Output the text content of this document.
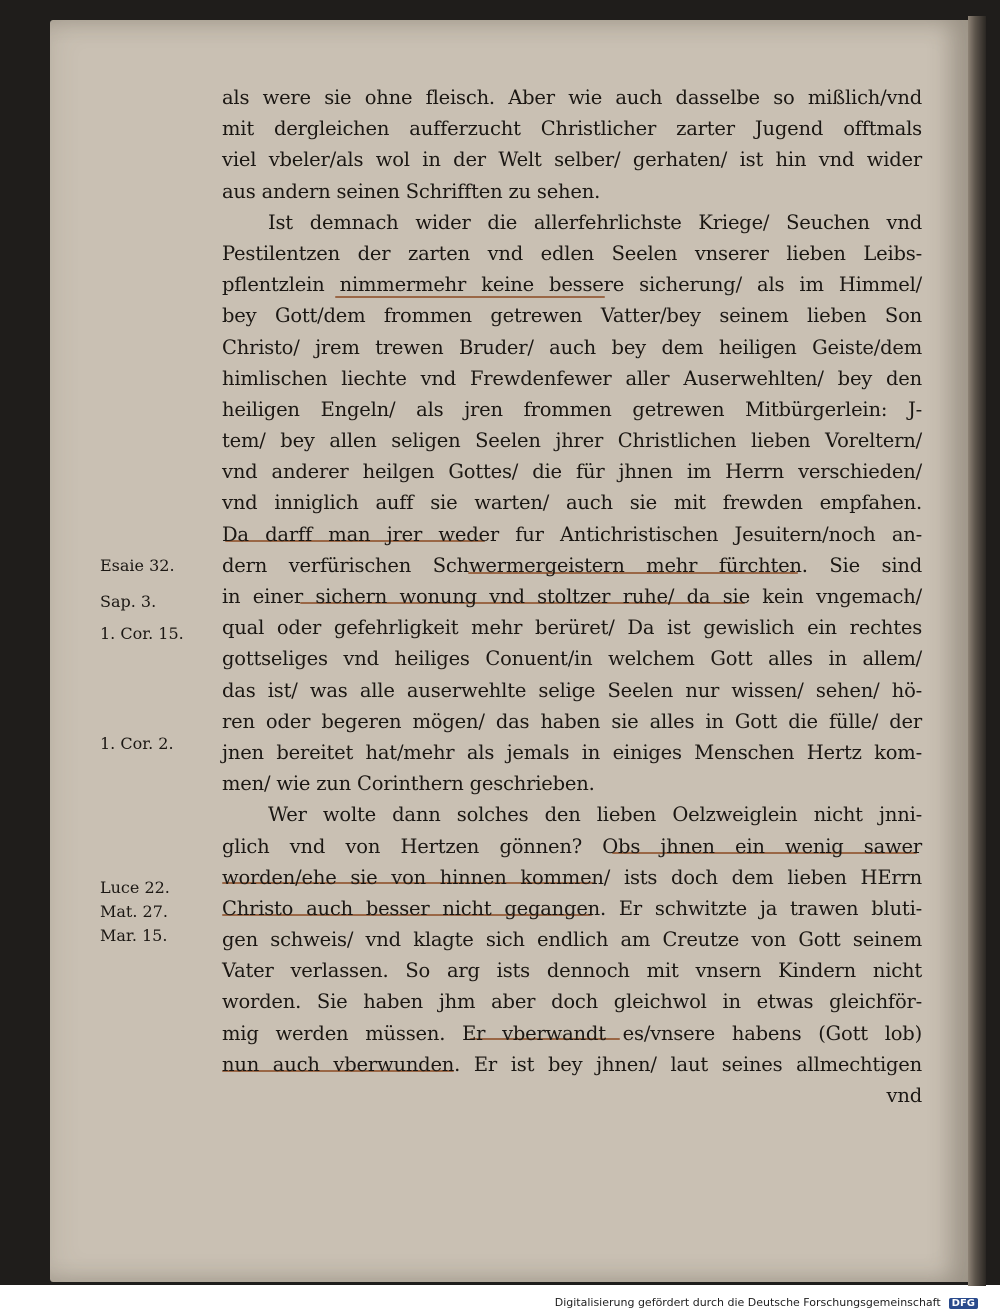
als were sie ohne fleisch. Aber wie auch dasselbe so mißlich/vnd
mit dergleichen aufferzucht Christlicher zarter Jugend offtmals
viel vbeler/als wol in der Welt selber/ gerhaten/ ist hin vnd wider
aus andern seinen Schrifften zu sehen.
Ist demnach wider die allerfehrlichste Kriege/ Seuchen vnd
Pestilentzen der zarten vnd edlen Seelen vnserer lieben Leibs-
pflentzlein nimmermehr keine bessere sicherung/ als im Himmel/
bey Gott/dem frommen getrewen Vatter/bey seinem lieben Son
Christo/ jrem trewen Bruder/ auch bey dem heiligen Geiste/dem
himlischen liechte vnd Frewdenfewer aller Auserwehlten/ bey den
heiligen Engeln/ als jren frommen getrewen Mitbürgerlein: J-
tem/ bey allen seligen Seelen jhrer Christlichen lieben Voreltern/
vnd anderer heilgen Gottes/ die für jhnen im Herrn verschieden/
vnd inniglich auff sie warten/ auch sie mit frewden empfahen.
Da darff man jrer weder fur Antichristischen Jesuitern/noch an-
dern verfürischen Schwermergeistern mehr fürchten. Sie sind
in einer sichern wonung vnd stoltzer ruhe/ da sie kein vngemach/
qual oder gefehrligkeit mehr berüret/ Da ist gewislich ein rechtes
gottseliges vnd heiliges Conuent/in welchem Gott alles in allem/
das ist/ was alle auserwehlte selige Seelen nur wissen/ sehen/ hö-
ren oder begeren mögen/ das haben sie alles in Gott die fülle/ der
jnen bereitet hat/mehr als jemals in einiges Menschen Hertz kom-
men/ wie zun Corinthern geschrieben.
Wer wolte dann solches den lieben Oelzweiglein nicht jnni-
glich vnd von Hertzen gönnen? Obs jhnen ein wenig sawer
worden/ehe sie von hinnen kommen/ ists doch dem lieben HErrn
Christo auch besser nicht gegangen. Er schwitzte ja trawen bluti-
gen schweis/ vnd klagte sich endlich am Creutze von Gott seinem
Vater verlassen. So arg ists dennoch mit vnsern Kindern nicht
worden. Sie haben jhm aber doch gleichwol in etwas gleichför-
mig werden müssen. Er vberwandt es/vnsere habens (Gott lob)
nun auch vberwunden. Er ist bey jhnen/ laut seines allmechtigen
vnd
Esaie 32.
Sap. 3.
1. Cor. 15.
1. Cor. 2.
Luce 22.
Mat. 27.
Mar. 15.
Digitalisierung gefördert durch die Deutsche Forschungsgemeinschaft DFG
